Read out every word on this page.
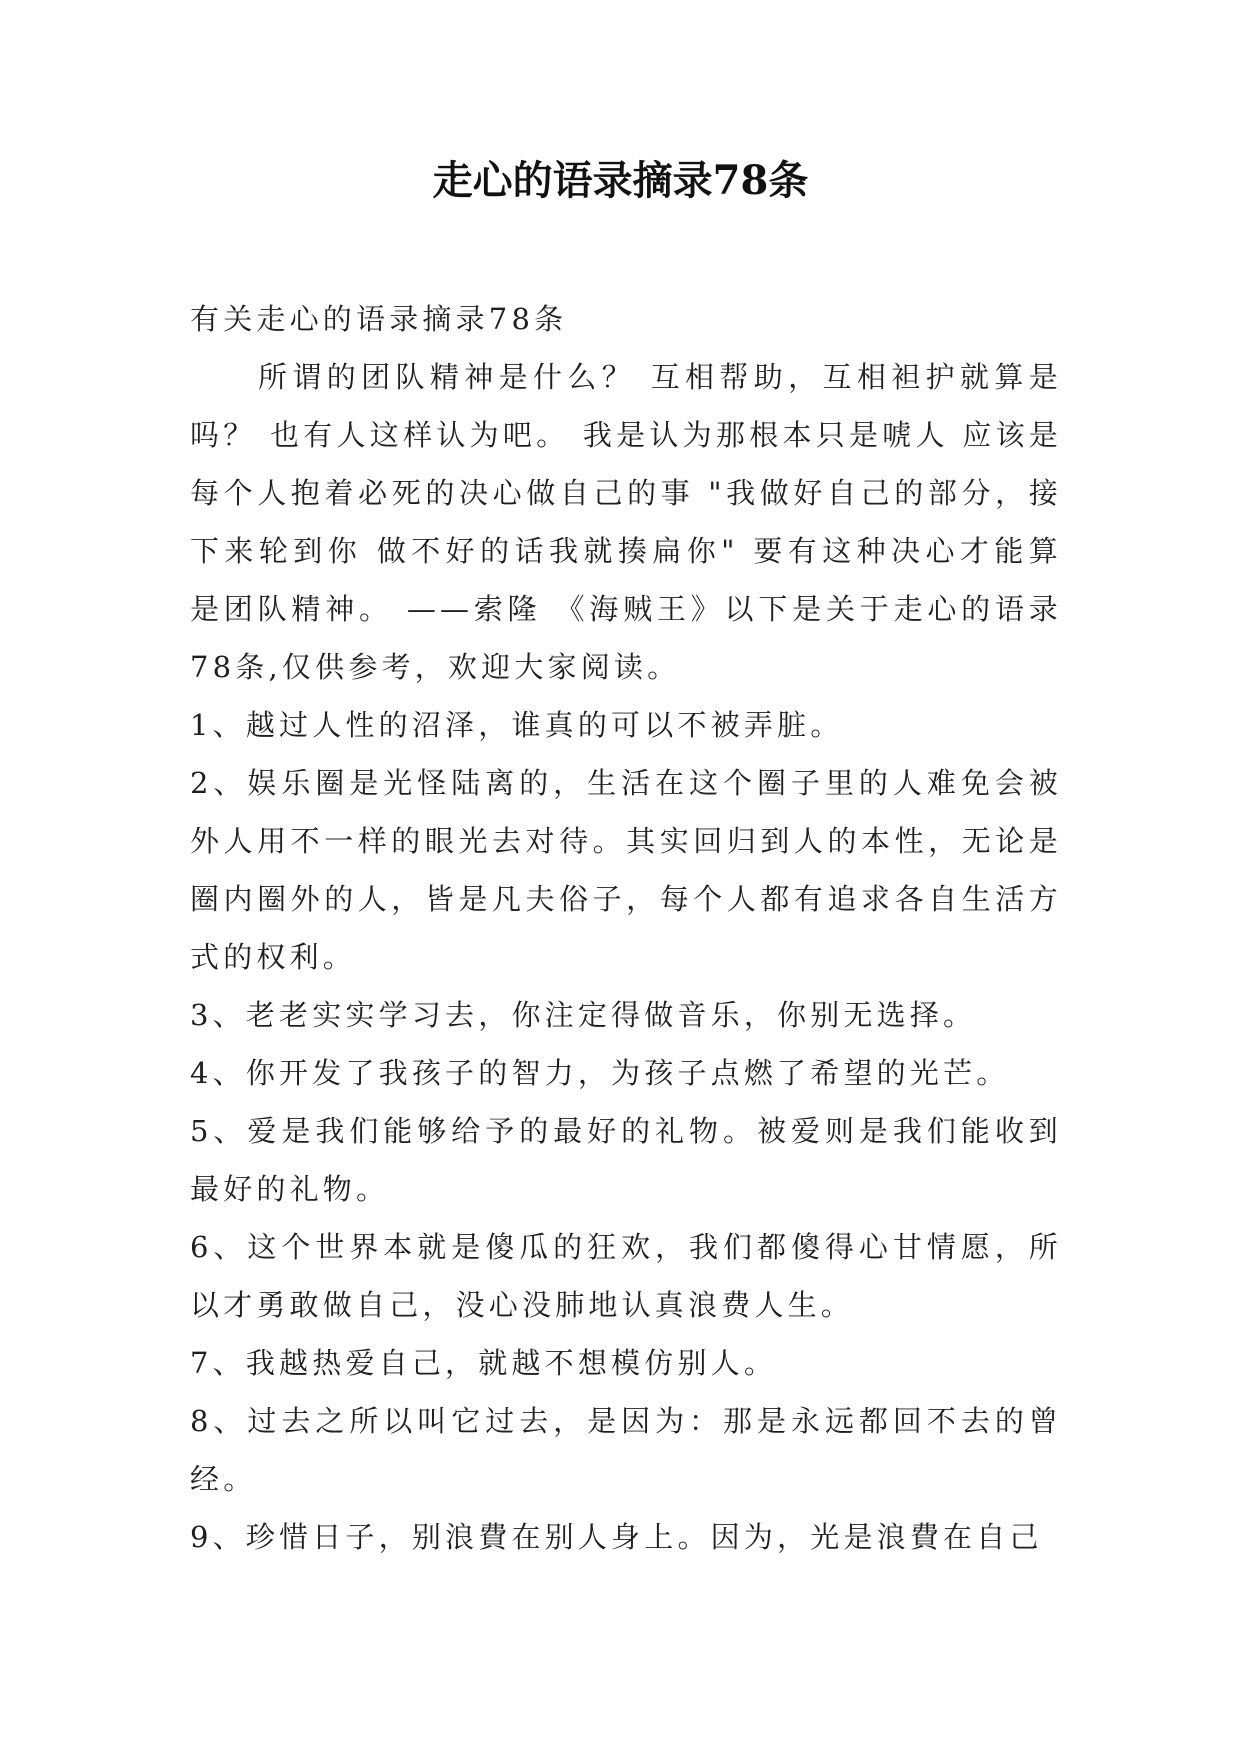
走心的语录摘录78条

有关走心的语录摘录78条

所谓的团队精神是什么？ 互相帮助，互相袒护就算是吗？ 也有人这样认为吧。 我是认为那根本只是唬人 应该是每个人抱着必死的决心做自己的事 "我做好自己的部分，接下来轮到你 做不好的话我就揍扁你" 要有这种决心才能算是团队精神。 ——索隆 《海贼王》以下是关于走心的语录78条,仅供参考，欢迎大家阅读。

1、越过人性的沼泽，谁真的可以不被弄脏。

2、娱乐圈是光怪陆离的，生活在这个圈子里的人难免会被外人用不一样的眼光去对待。其实回归到人的本性，无论是圈内圈外的人，皆是凡夫俗子，每个人都有追求各自生活方式的权利。

3、老老实实学习去，你注定得做音乐，你别无选择。

4、你开发了我孩子的智力，为孩子点燃了希望的光芒。

5、爱是我们能够给予的最好的礼物。被爱则是我们能收到最好的礼物。

6、这个世界本就是傻瓜的狂欢，我们都傻得心甘情愿，所以才勇敢做自己，没心没肺地认真浪费人生。

7、我越热爱自己，就越不想模仿别人。

8、过去之所以叫它过去，是因为：那是永远都回不去的曾经。

9、珍惜日子，别浪費在别人身上。因为，光是浪費在自己
